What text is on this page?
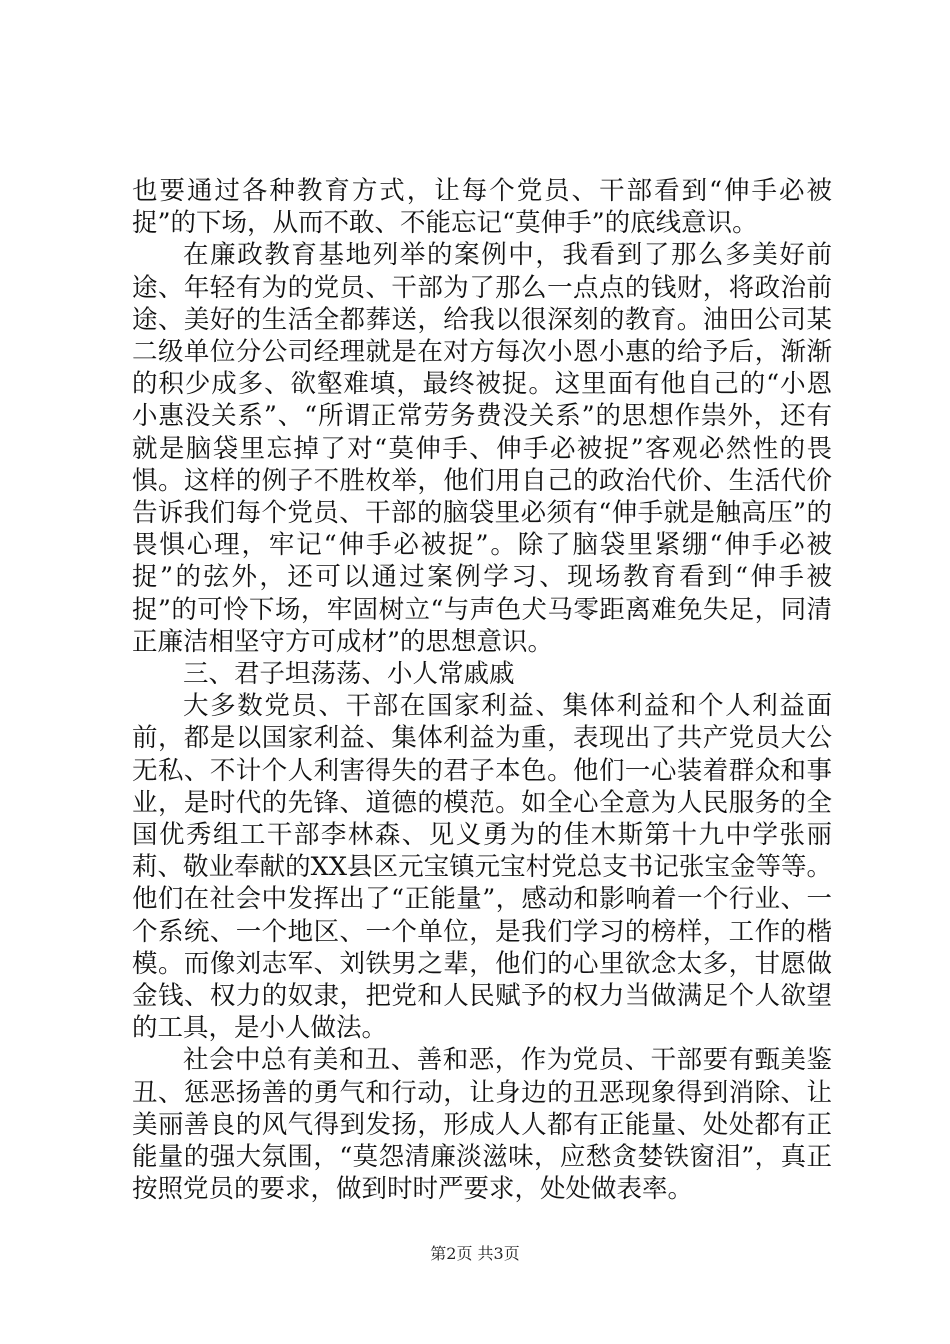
也要通过各种教育方式，让每个党员、干部看到“伸手必被捉”的下场，从而不敢、不能忘记“莫伸手”的底线意识。

在廉政教育基地列举的案例中，我看到了那么多美好前途、年轻有为的党员、干部为了那么一点点的钱财，将政治前途、美好的生活全都葬送，给我以很深刻的教育。油田公司某二级单位分公司经理就是在对方每次小恩小惠的给予后，渐渐的积少成多、欲壑难填，最终被捉。这里面有他自己的“小恩小惠没关系”、“所谓正常劳务费没关系”的思想作祟外，还有就是脑袋里忘掉了对“莫伸手、伸手必被捉”客观必然性的畏惧。这样的例子不胜枚举，他们用自己的政治代价、生活代价告诉我们每个党员、干部的脑袋里必须有“伸手就是触高压”的畏惧心理，牢记“伸手必被捉”。除了脑袋里紧绷“伸手必被捉”的弦外，还可以通过案例学习、现场教育看到“伸手被捉”的可怜下场，牢固树立“与声色犬马零距离难免失足，同清正廉洁相坚守方可成材”的思想意识。

三、君子坦荡荡、小人常戚戚

大多数党员、干部在国家利益、集体利益和个人利益面前，都是以国家利益、集体利益为重，表现出了共产党员大公无私、不计个人利害得失的君子本色。他们一心装着群众和事业，是时代的先锋、道德的模范。如全心全意为人民服务的全国优秀组工干部李林森、见义勇为的佳木斯第十九中学张丽莉、敬业奉献的XX县区元宝镇元宝村党总支书记张宝金等等。他们在社会中发挥出了“正能量”，感动和影响着一个行业、一个系统、一个地区、一个单位，是我们学习的榜样，工作的楷模。而像刘志军、刘铁男之辈，他们的心里欲念太多，甘愿做金钱、权力的奴隶，把党和人民赋予的权力当做满足个人欲望的工具，是小人做法。

社会中总有美和丑、善和恶，作为党员、干部要有甄美鉴丑、惩恶扬善的勇气和行动，让身边的丑恶现象得到消除、让美丽善良的风气得到发扬，形成人人都有正能量、处处都有正能量的强大氛围，“莫怨清廉淡滋味，应愁贪婪铁窗泪”，真正按照党员的要求，做到时时严要求，处处做表率。

第2页 共3页
